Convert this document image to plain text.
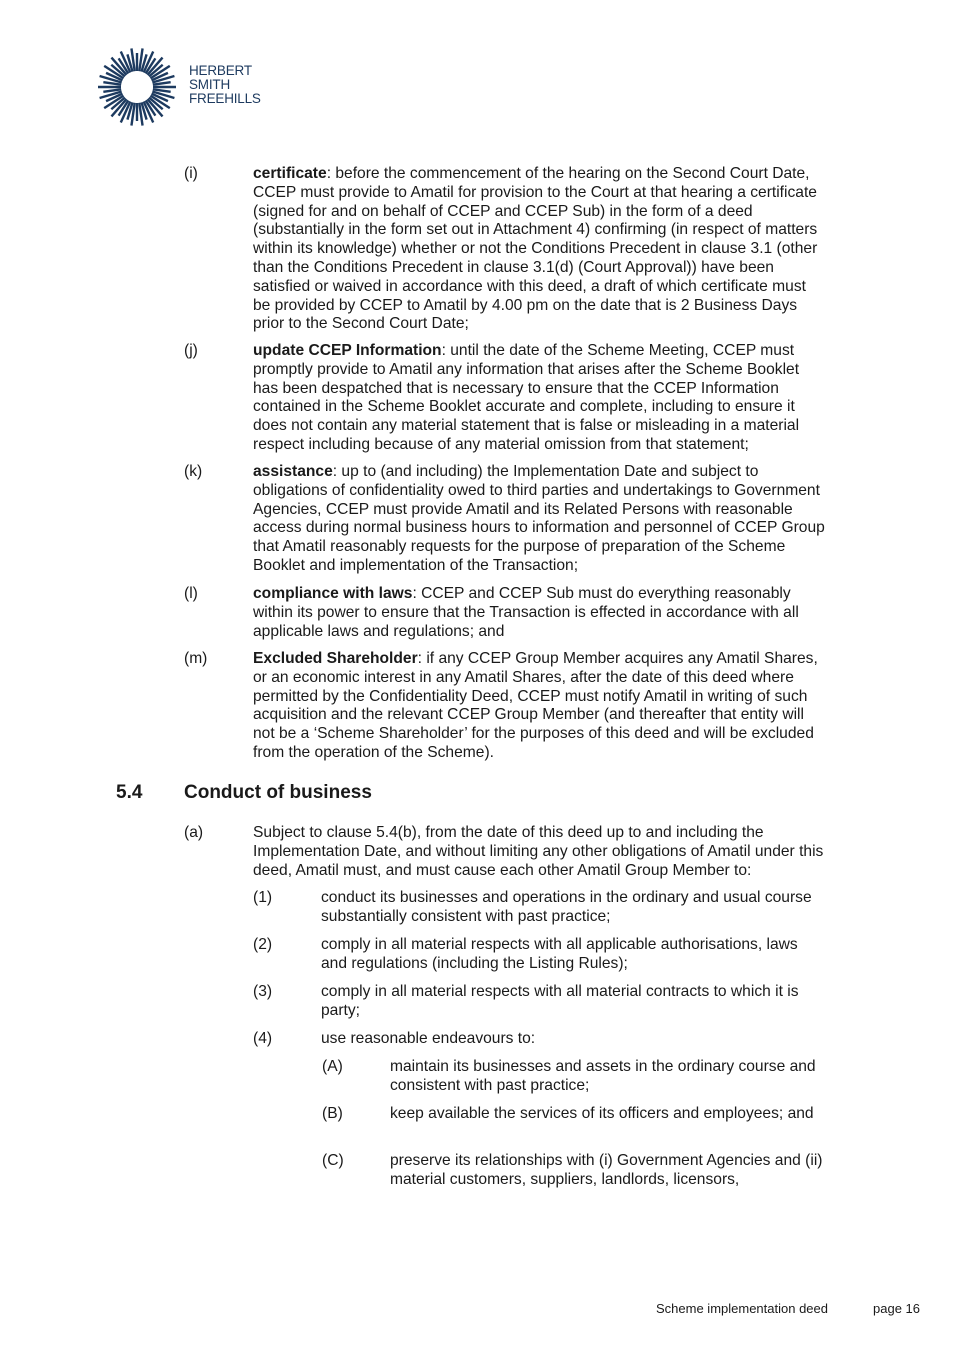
HERBERT
SMITH
FREEHILLS
(i)	certificate: before the commencement of the hearing on the Second Court Date, CCEP must provide to Amatil for provision to the Court at that hearing a certificate (signed for and on behalf of CCEP and CCEP Sub) in the form of a deed (substantially in the form set out in Attachment 4) confirming (in respect of matters within its knowledge) whether or not the Conditions Precedent in clause 3.1 (other than the Conditions Precedent in clause 3.1(d) (Court Approval)) have been satisfied or waived in accordance with this deed, a draft of which certificate must be provided by CCEP to Amatil by 4.00 pm on the date that is 2 Business Days prior to the Second Court Date;
(j)	update CCEP Information: until the date of the Scheme Meeting, CCEP must promptly provide to Amatil any information that arises after the Scheme Booklet has been despatched that is necessary to ensure that the CCEP Information contained in the Scheme Booklet accurate and complete, including to ensure it does not contain any material statement that is false or misleading in a material respect including because of any material omission from that statement;
(k)	assistance: up to (and including) the Implementation Date and subject to obligations of confidentiality owed to third parties and undertakings to Government Agencies, CCEP must provide Amatil and its Related Persons with reasonable access during normal business hours to information and personnel of CCEP Group that Amatil reasonably requests for the purpose of preparation of the Scheme Booklet and implementation of the Transaction;
(l)	compliance with laws: CCEP and CCEP Sub must do everything reasonably within its power to ensure that the Transaction is effected in accordance with all applicable laws and regulations; and
(m)	Excluded Shareholder: if any CCEP Group Member acquires any Amatil Shares, or an economic interest in any Amatil Shares, after the date of this deed where permitted by the Confidentiality Deed, CCEP must notify Amatil in writing of such acquisition and the relevant CCEP Group Member (and thereafter that entity will not be a ‘Scheme Shareholder’ for the purposes of this deed and will be excluded from the operation of the Scheme).
5.4 Conduct of business
(a)	Subject to clause 5.4(b), from the date of this deed up to and including the Implementation Date, and without limiting any other obligations of Amatil under this deed, Amatil must, and must cause each other Amatil Group Member to:
(1)	conduct its businesses and operations in the ordinary and usual course substantially consistent with past practice;
(2)	comply in all material respects with all applicable authorisations, laws and regulations (including the Listing Rules);
(3)	comply in all material respects with all material contracts to which it is party;
(4)	use reasonable endeavours to:
(A)	maintain its businesses and assets in the ordinary course and consistent with past practice;
(B)	keep available the services of its officers and employees; and
(C)	preserve its relationships with (i) Government Agencies and (ii) material customers, suppliers, landlords, licensors,
Scheme implementation deed	page 16
